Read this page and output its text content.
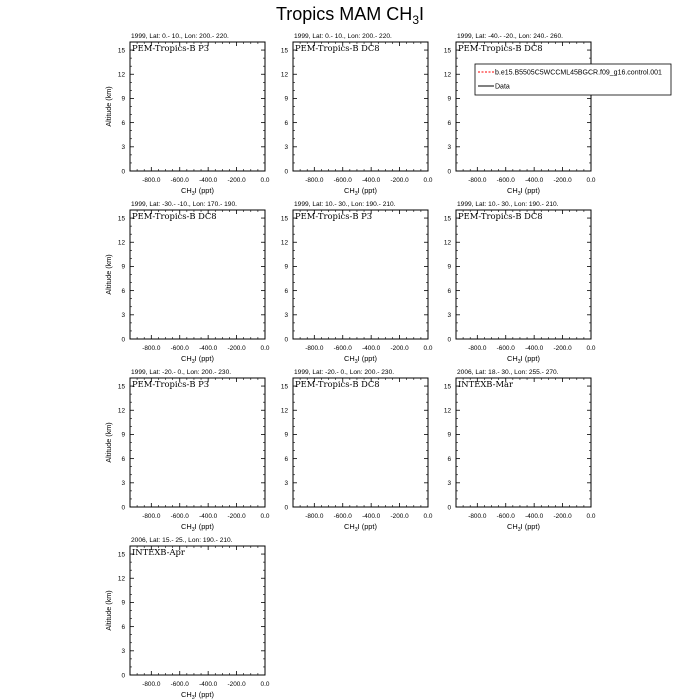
Tropics MAM $CH_3I$
1999, Lat: 0.- 10., Lon: 200.- 220.
PEM-Tropics-B P3
0
3
6
9
12
15
-800.0 -600.0 -400.0 -200.0 0.0
$CH_3I$ (ppt)
Altitude (km)
1999, Lat: 0.- 10., Lon: 200.- 220.
PEM-Tropics-B DC8
0
3
6
9
12
15
-800.0 -600.0 -400.0 -200.0 0.0
$CH_3I$ (ppt)
1999, Lat: -40.- -20., Lon: 240.- 260.
PEM-Tropics-B DC8
0
3
6
9
12
15
-800.0 -600.0 -400.0 -200.0 0.0
$CH_3I$ (ppt)
1999, Lat: -30.- -10., Lon: 170.- 190.
PEM-Tropics-B DC8
0
3
6
9
12
15
-800.0 -600.0 -400.0 -200.0 0.0
$CH_3I$ (ppt)
Altitude (km)
1999, Lat: 10.- 30., Lon: 190.- 210.
PEM-Tropics-B P3
0
3
6
9
12
15
-800.0 -600.0 -400.0 -200.0 0.0
$CH_3I$ (ppt)
1999, Lat: 10.- 30., Lon: 190.- 210.
PEM-Tropics-B DC8
0
3
6
9
12
15
-800.0 -600.0 -400.0 -200.0 0.0
$CH_3I$ (ppt)
1999, Lat: -20.- 0., Lon: 200.- 230.
PEM-Tropics-B P3
0
3
6
9
12
15
-800.0 -600.0 -400.0 -200.0 0.0
$CH_3I$ (ppt)
Altitude (km)
1999, Lat: -20.- 0., Lon: 200.- 230.
PEM-Tropics-B DC8
0
3
6
9
12
15
-800.0 -600.0 -400.0 -200.0 0.0
$CH_3I$ (ppt)
2006, Lat: 18.- 30., Lon: 255.- 270.
INTEXB-Mar
0
3
6
9
12
15
-800.0 -600.0 -400.0 -200.0 0.0
$CH_3I$ (ppt)
2006, Lat: 15.- 25., Lon: 190.- 210.
INTEXB-Apr
0
3
6
9
12
15
-800.0 -600.0 -400.0 -200.0 0.0
$CH_3I$ (ppt)
Altitude (km)
b.e15.B5505C5WCCML45BGCR.f09_g16.control.001
Data
